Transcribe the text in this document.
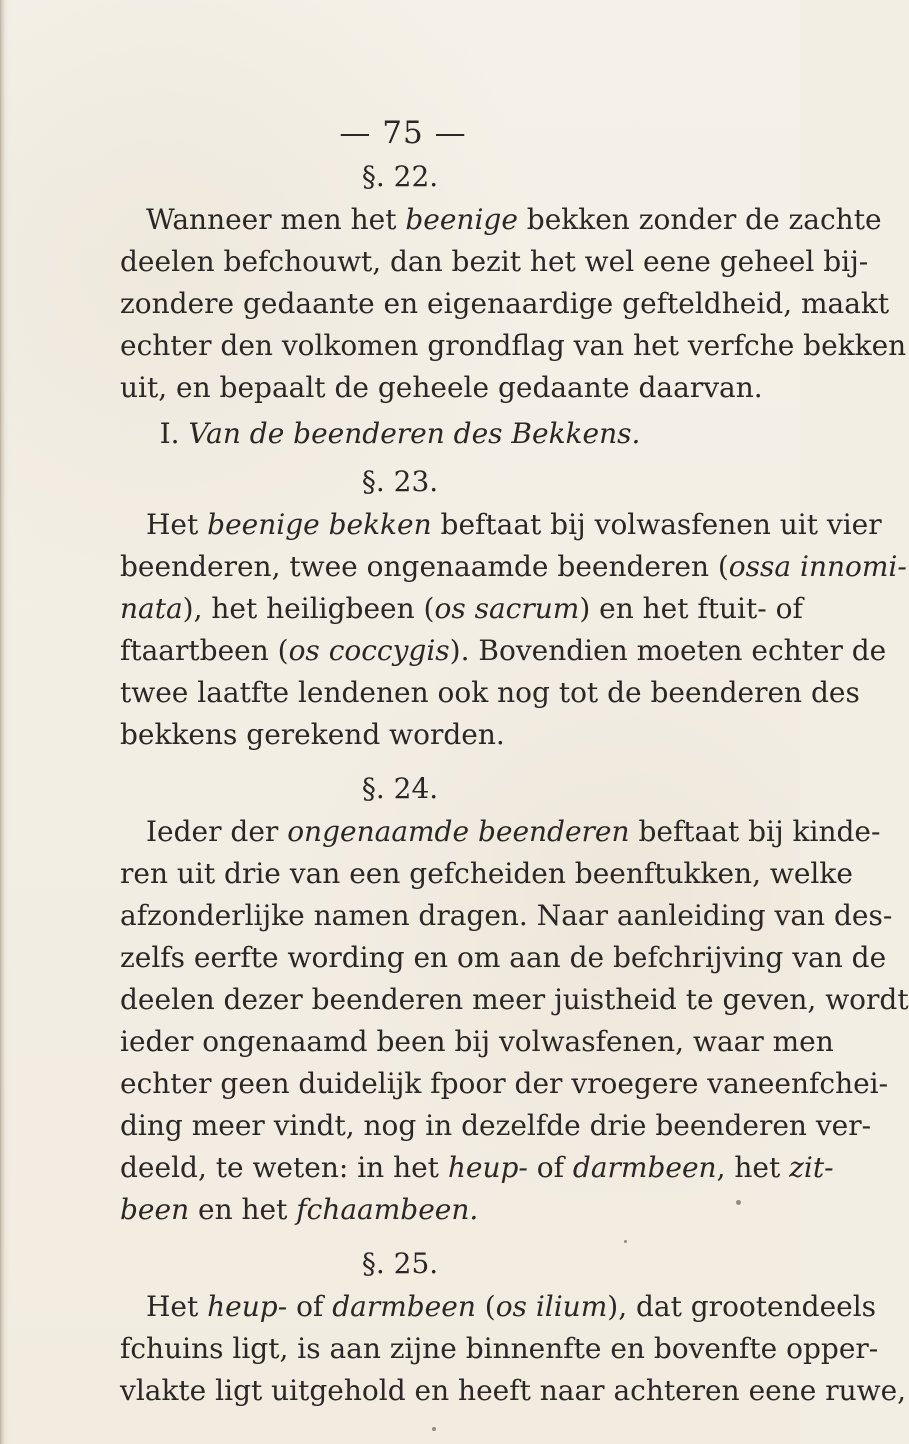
— 75 —
§. 22.
Wanneer men het beenige bekken zonder de zachte
deelen befchouwt, dan bezit het wel eene geheel bij-
zondere gedaante en eigenaardige gefteldheid, maakt
echter den volkomen grondflag van het verfche bekken
uit, en bepaalt de geheele gedaante daarvan.
I. Van de beenderen des Bekkens.
§. 23.
Het beenige bekken beftaat bij volwasfenen uit vier
beenderen, twee ongenaamde beenderen (ossa innomi-
nata), het heiligbeen (os sacrum) en het ftuit- of
ftaartbeen (os coccygis). Bovendien moeten echter de
twee laatfte lendenen ook nog tot de beenderen des
bekkens gerekend worden.
§. 24.
Ieder der ongenaamde beenderen beftaat bij kinde-
ren uit drie van een gefcheiden beenftukken, welke
afzonderlijke namen dragen. Naar aanleiding van des-
zelfs eerfte wording en om aan de befchrijving van de
deelen dezer beenderen meer juistheid te geven, wordt
ieder ongenaamd been bij volwasfenen, waar men
echter geen duidelijk fpoor der vroegere vaneenfchei-
ding meer vindt, nog in dezelfde drie beenderen ver-
deeld, te weten: in het heup- of darmbeen, het zit-
been en het fchaambeen.
§. 25.
Het heup- of darmbeen (os ilium), dat grootendeels
fchuins ligt, is aan zijne binnenfte en bovenfte opper-
vlakte ligt uitgehold en heeft naar achteren eene ruwe,
